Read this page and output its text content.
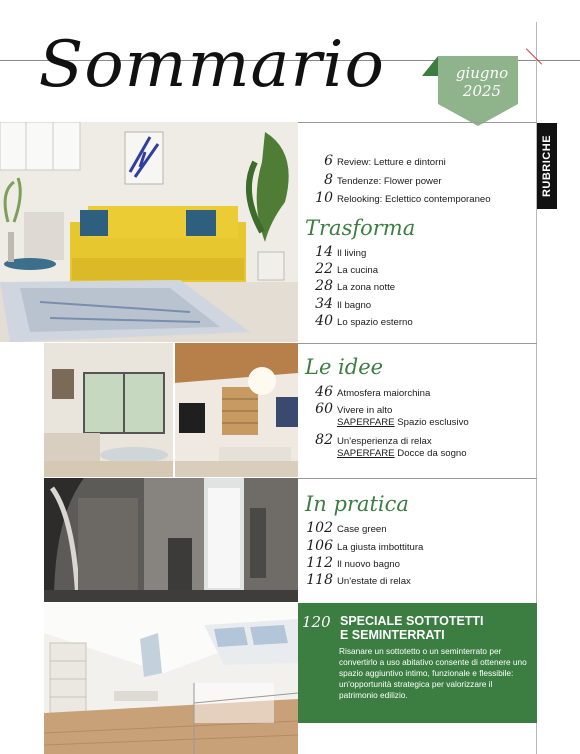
Sommario	giugno
2025
RUBRICHE
6 Review: Letture e dintorni
8 Tendenze: Flower power
10 Relooking: Eclettico contemporaneo
Trasforma
14 Il living
22 La cucina
28 La zona notte
34 Il bagno
40 Lo spazio esterno
Le idee
46 Atmosfera maiorchina
60 Vivere in alto
SAPERFARE Spazio esclusivo
82 Un'esperienza di relax
SAPERFARE Docce da sogno
In pratica
102 Case green
106 La giusta imbottitura
112 Il nuovo bagno
118 Un'estate di relax
120 SPECIALE SOTTOTETTI
E SEMINTERRATI
Risanare un sottotetto o un seminterrato per convertirlo a uso abitativo consente di ottenere uno spazio aggiuntivo intimo, funzionale e flessibile: un'opportunità strategica per valorizzare il patrimonio edilizio.
